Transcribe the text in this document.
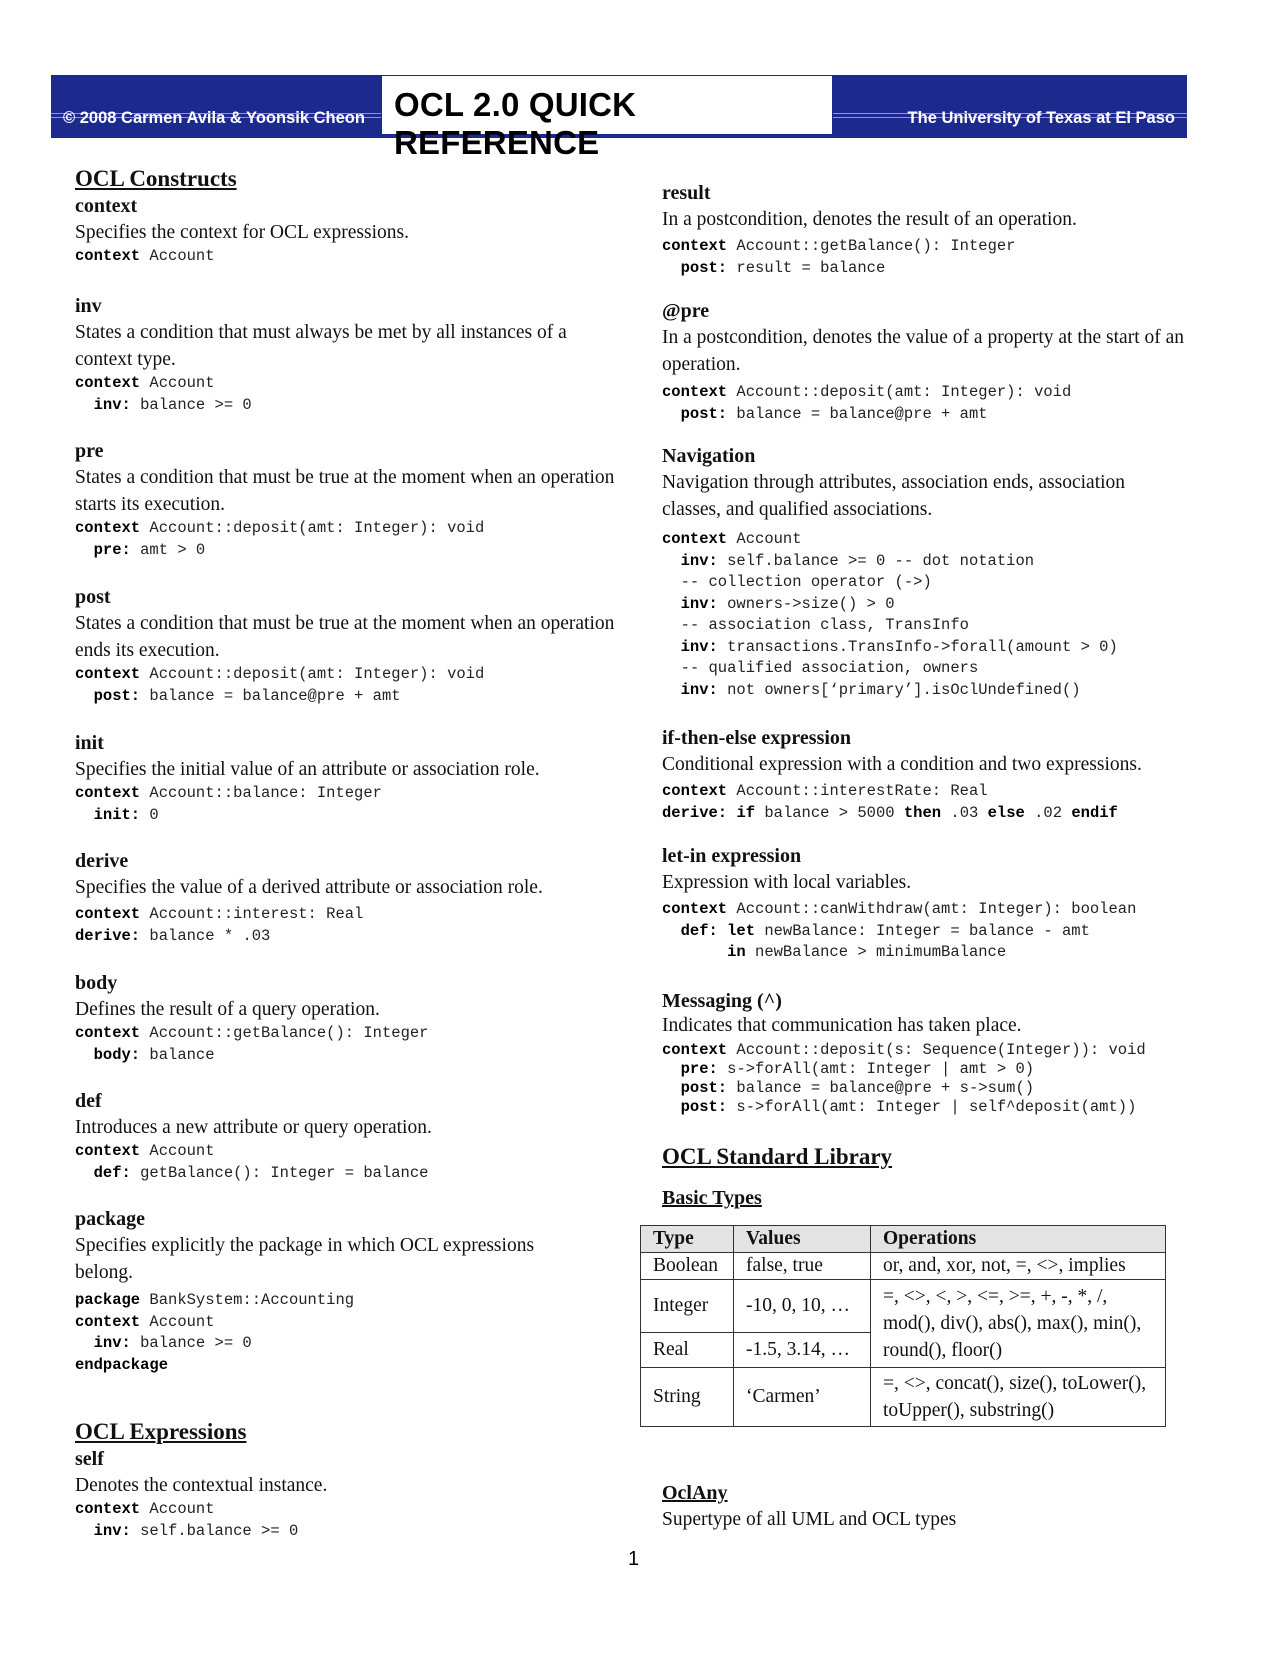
© 2008 Carmen Avila & Yoonsik Cheon	The University of Texas at El Paso
OCL 2.0 QUICK REFERENCE

OCL Constructs

context

Specifies the context for OCL expressions.

context Account

inv

States a condition that must always be met by all instances of a context type.

context Account

inv: balance >= 0

pre

States a condition that must be true at the moment when an operation starts its execution.

context Account::deposit(amt: Integer): void

pre: amt > 0

post

States a condition that must be true at the moment when an operation ends its execution.

context Account::deposit(amt: Integer): void

post: balance = balance@pre + amt

init

Specifies the initial value of an attribute or association role.

context Account::balance: Integer

init: 0

derive

Specifies the value of a derived attribute or association role.

context Account::interest: Real

derive: balance * .03

body

Defines the result of a query operation.

context Account::getBalance(): Integer

body: balance

def

Introduces a new attribute or query operation.

context Account

def: getBalance(): Integer = balance

package

Specifies explicitly the package in which OCL expressions belong.

package BankSystem::Accounting

context Account

inv: balance >= 0

endpackage

OCL Expressions

self

Denotes the contextual instance.

context Account

inv: self.balance >= 0

result

In a postcondition, denotes the result of an operation.

context Account::getBalance(): Integer

post: result = balance

@pre

In a postcondition, denotes the value of a property at the start of an operation.

context Account::deposit(amt: Integer): void

post: balance = balance@pre + amt

Navigation

Navigation through attributes, association ends, association classes, and qualified associations.

context Account

inv: self.balance >= 0 -- dot notation

-- collection operator (->)

inv: owners->size() > 0

-- association class, TransInfo

inv: transactions.TransInfo->forall(amount > 0)

-- qualified association, owners

inv: not owners[‘primary’].isOclUndefined()

if-then-else expression

Conditional expression with a condition and two expressions.

context Account::interestRate: Real

derive: if balance > 5000 then .03 else .02 endif

let-in expression

Expression with local variables.

context Account::canWithdraw(amt: Integer): boolean

def: let newBalance: Integer = balance - amt

in newBalance > minimumBalance

Messaging (^)

Indicates that communication has taken place.

context Account::deposit(s: Sequence(Integer)): void

pre: s->forAll(amt: Integer | amt > 0)

post: balance = balance@pre + s->sum()

post: s->forAll(amt: Integer | self^deposit(amt))

OCL Standard Library

Basic Types

Type	Values	Operations
Boolean	false, true	or, and, xor, not, =, <>, implies
Integer	-10, 0, 10, …	=, <>, <, >, <=, >=, +, -, *, /, mod(), div(), abs(), max(), min(), round(), floor()
Real	-1.5, 3.14, …	
String	‘Carmen’	=, <>, concat(), size(), toLower(), toUpper(), substring()

OclAny

Supertype of all UML and OCL types

1
